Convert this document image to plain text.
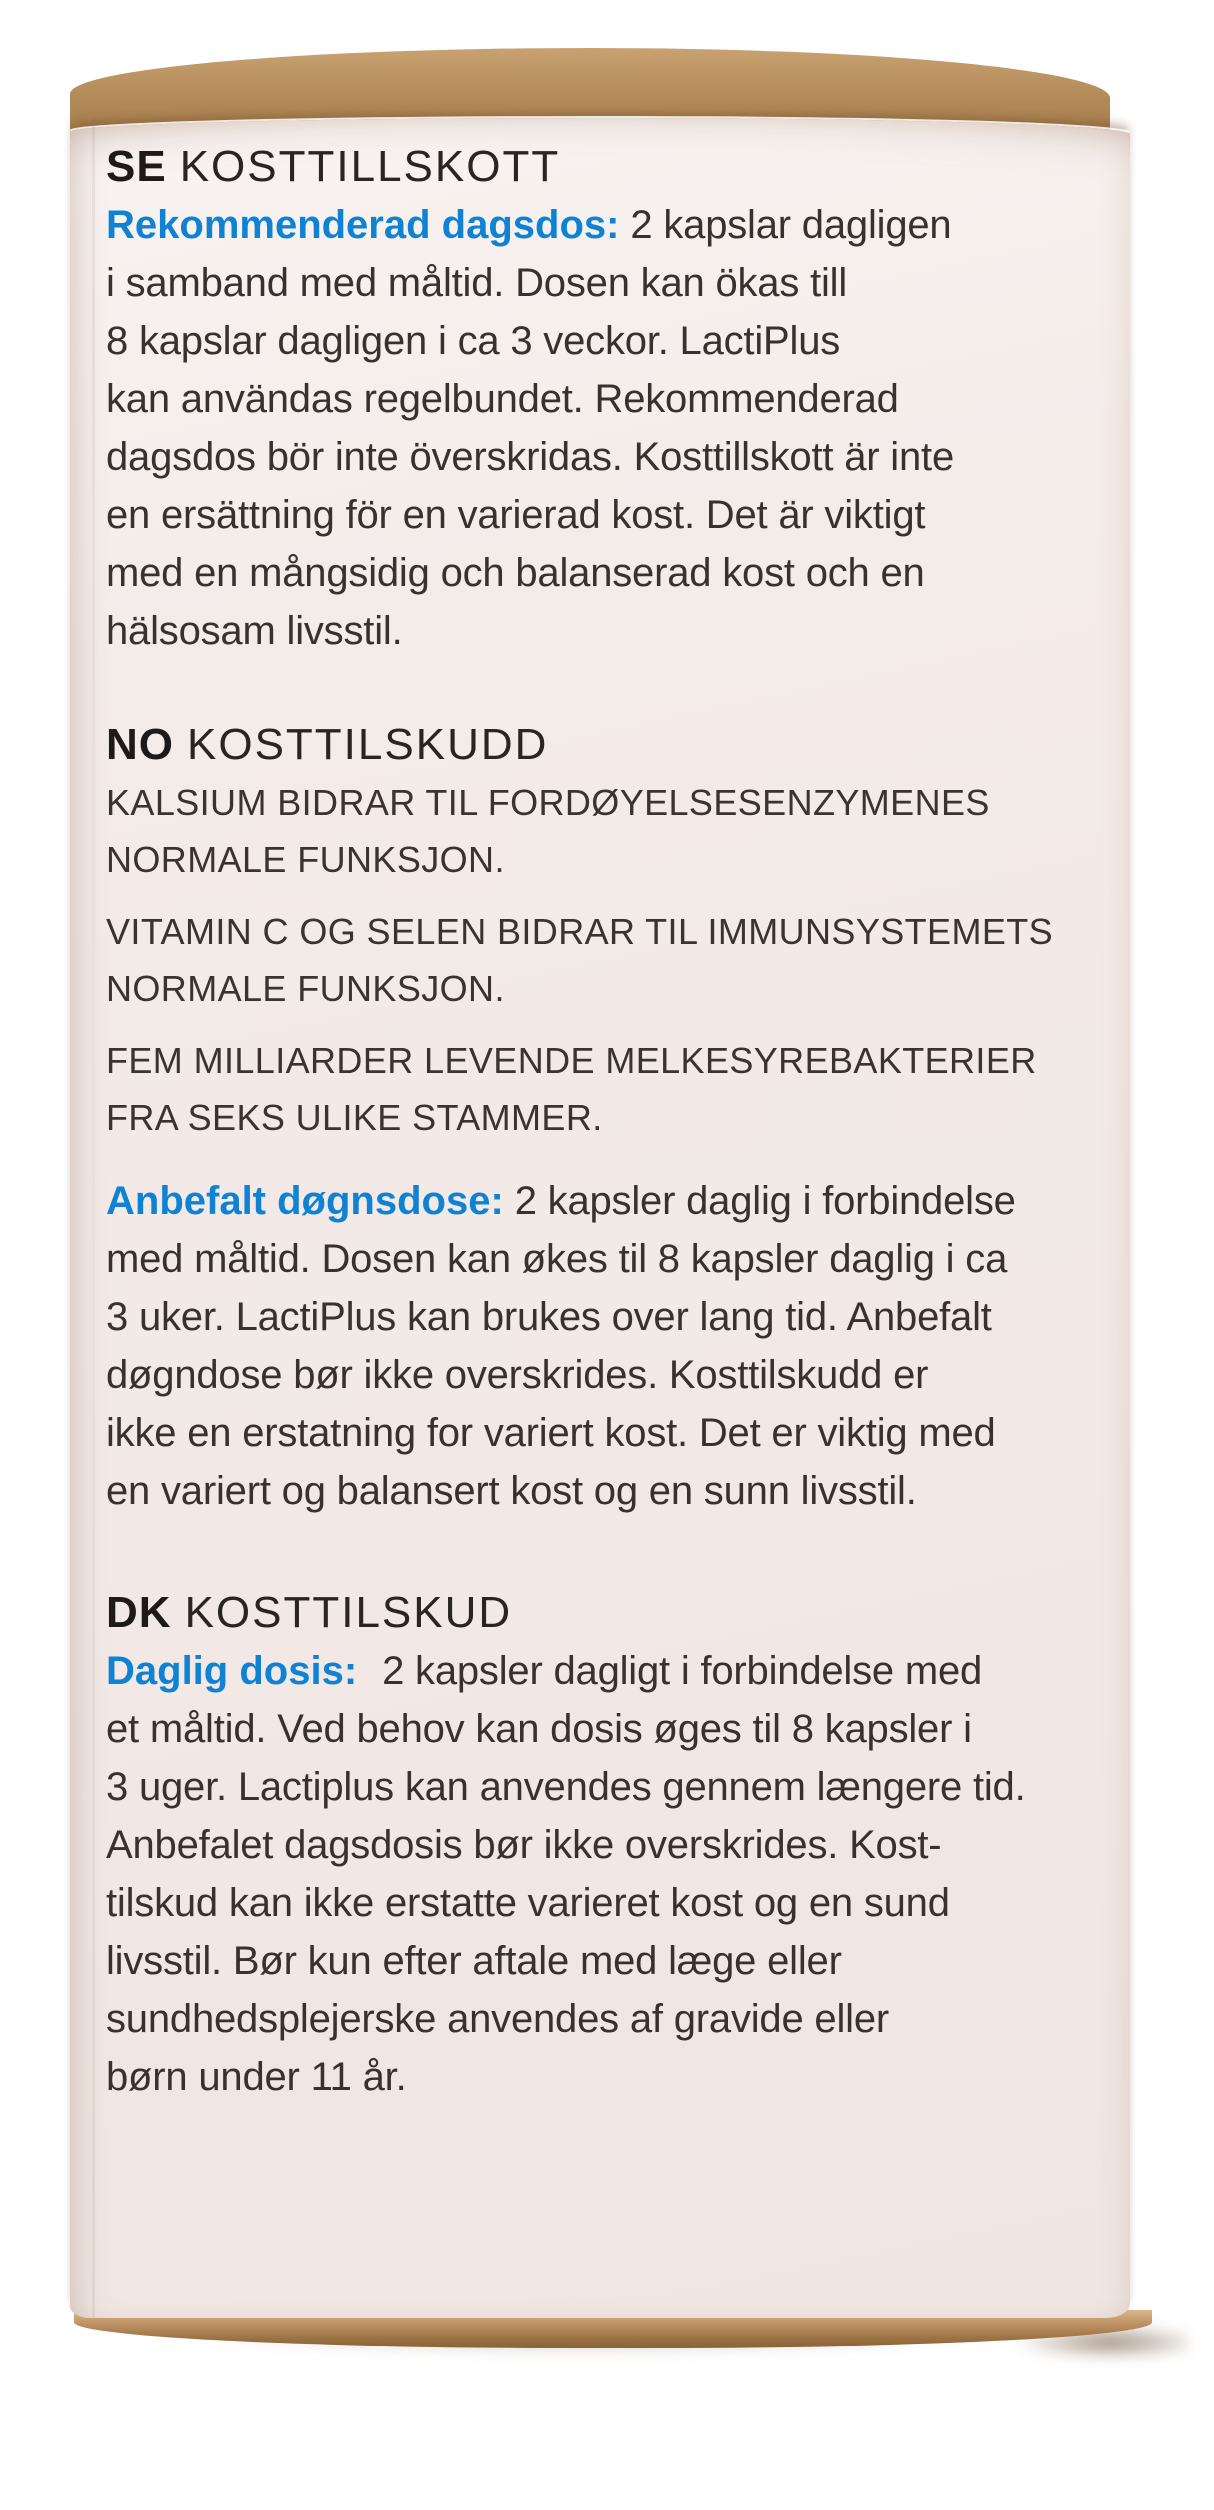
SE KOSTTILLSKOTT

Rekommenderad dagsdos: 2 kapslar dagligen
i samband med måltid. Dosen kan ökas till
8 kapslar dagligen i ca 3 veckor. LactiPlus
kan användas regelbundet. Rekommenderad
dagsdos bör inte överskridas. Kosttillskott är inte
en ersättning för en varierad kost. Det är viktigt
med en mångsidig och balanserad kost och en
hälsosam livsstil.

NO KOSTTILSKUDD

KALSIUM BIDRAR TIL FORDØYELSESENZYMENES
NORMALE FUNKSJON.

VITAMIN C OG SELEN BIDRAR TIL IMMUNSYSTEMETS
NORMALE FUNKSJON.

FEM MILLIARDER LEVENDE MELKESYREBAKTERIER
FRA SEKS ULIKE STAMMER.

Anbefalt døgnsdose: 2 kapsler daglig i forbindelse
med måltid. Dosen kan økes til 8 kapsler daglig i ca
3 uker. LactiPlus kan brukes over lang tid. Anbefalt
døgndose bør ikke overskrides. Kosttilskudd er
ikke en erstatning for variert kost. Det er viktig med
en variert og balansert kost og en sunn livsstil.

DK KOSTTILSKUD

Daglig dosis: 2 kapsler dagligt i forbindelse med
et måltid. Ved behov kan dosis øges til 8 kapsler i
3 uger. Lactiplus kan anvendes gennem længere tid.
Anbefalet dagsdosis bør ikke overskrides. Kost-
tilskud kan ikke erstatte varieret kost og en sund
livsstil. Bør kun efter aftale med læge eller
sundhedsplejerske anvendes af gravide eller
børn under 11 år.
